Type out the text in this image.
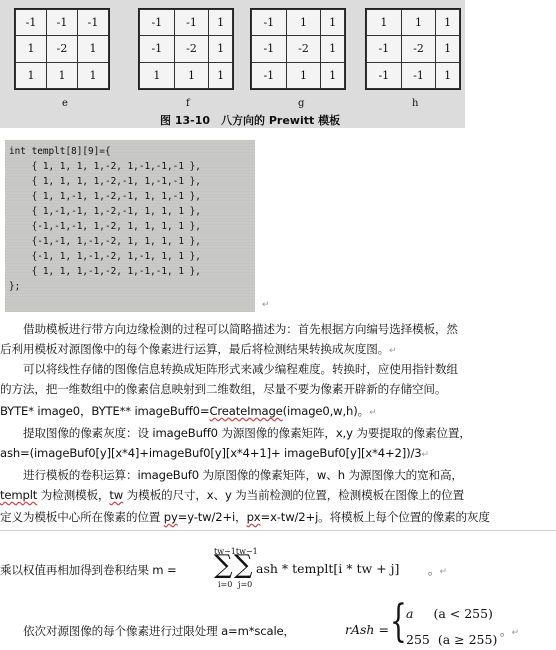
-1	-1	-1
1	-2	1
1	1	1
e
-1	-1	1
-1	-2	1
1	1	1
f
-1	1	1
-1	-2	1
-1	1	1
g
1	1	1
-1	-2	1
-1	-1	1
h
图 13-10　八方向的 Prewitt 模板
int templt[8][9]={
{ 1, 1, 1, 1,-2, 1,-1,-1,-1 },
{ 1, 1, 1, 1,-2,-1, 1,-1,-1 },
{ 1, 1,-1, 1,-2,-1, 1, 1,-1 },
{ 1,-1,-1, 1,-2,-1, 1, 1, 1 },
{-1,-1,-1, 1,-2, 1, 1, 1, 1 },
{-1,-1, 1,-1,-2, 1, 1, 1, 1 },
{-1, 1, 1,-1,-2, 1,-1, 1, 1 },
{ 1, 1, 1,-1,-2, 1,-1,-1, 1 },
};
↵
借助模板进行带方向边缘检测的过程可以简略描述为：首先根据方向编号选择模板，然
后利用模板对源图像中的每个像素进行运算，最后将检测结果转换成灰度图。↵
可以将线性存储的图像信息转换成矩阵形式来减少编程难度。转换时，应使用指针数组
的方法，把一维数组中的像素信息映射到二维数组，尽量不要为像素开辟新的存储空间。
BYTE* image0，BYTE** imageBuff0=CreateImage(image0,w,h)。↵
提取图像的像素灰度：设 imageBuff0 为源图像的像素矩阵，x,y 为要提取的像素位置，
ash=(imageBuf0[y][x*4]+imageBuf0[y][x*4+1]+ imageBuf0[y][x*4+2])/3↵
进行模板的卷积运算：imageBuf0 为原图像的像素矩阵，w、h 为源图像大的宽和高，
templt 为检测模板，tw 为模板的尺寸，x、y 为当前检测的位置，检测模板在图像上的位置
定义为模板中心所在像素的位置 py=y-tw/2+i，px=x-tw/2+j。将模板上每个位置的像素的灰度
乘以权值再相加得到卷积结果 m =
tw−1tw−1
∑ ∑
i=0 j=0
ash * templt[i * tw + j] 。↵
依次对源图像的每个像素进行过限处理 a=m*scale，	rAsh = { a (a < 255)
255 (a ≥ 255)
。↵
